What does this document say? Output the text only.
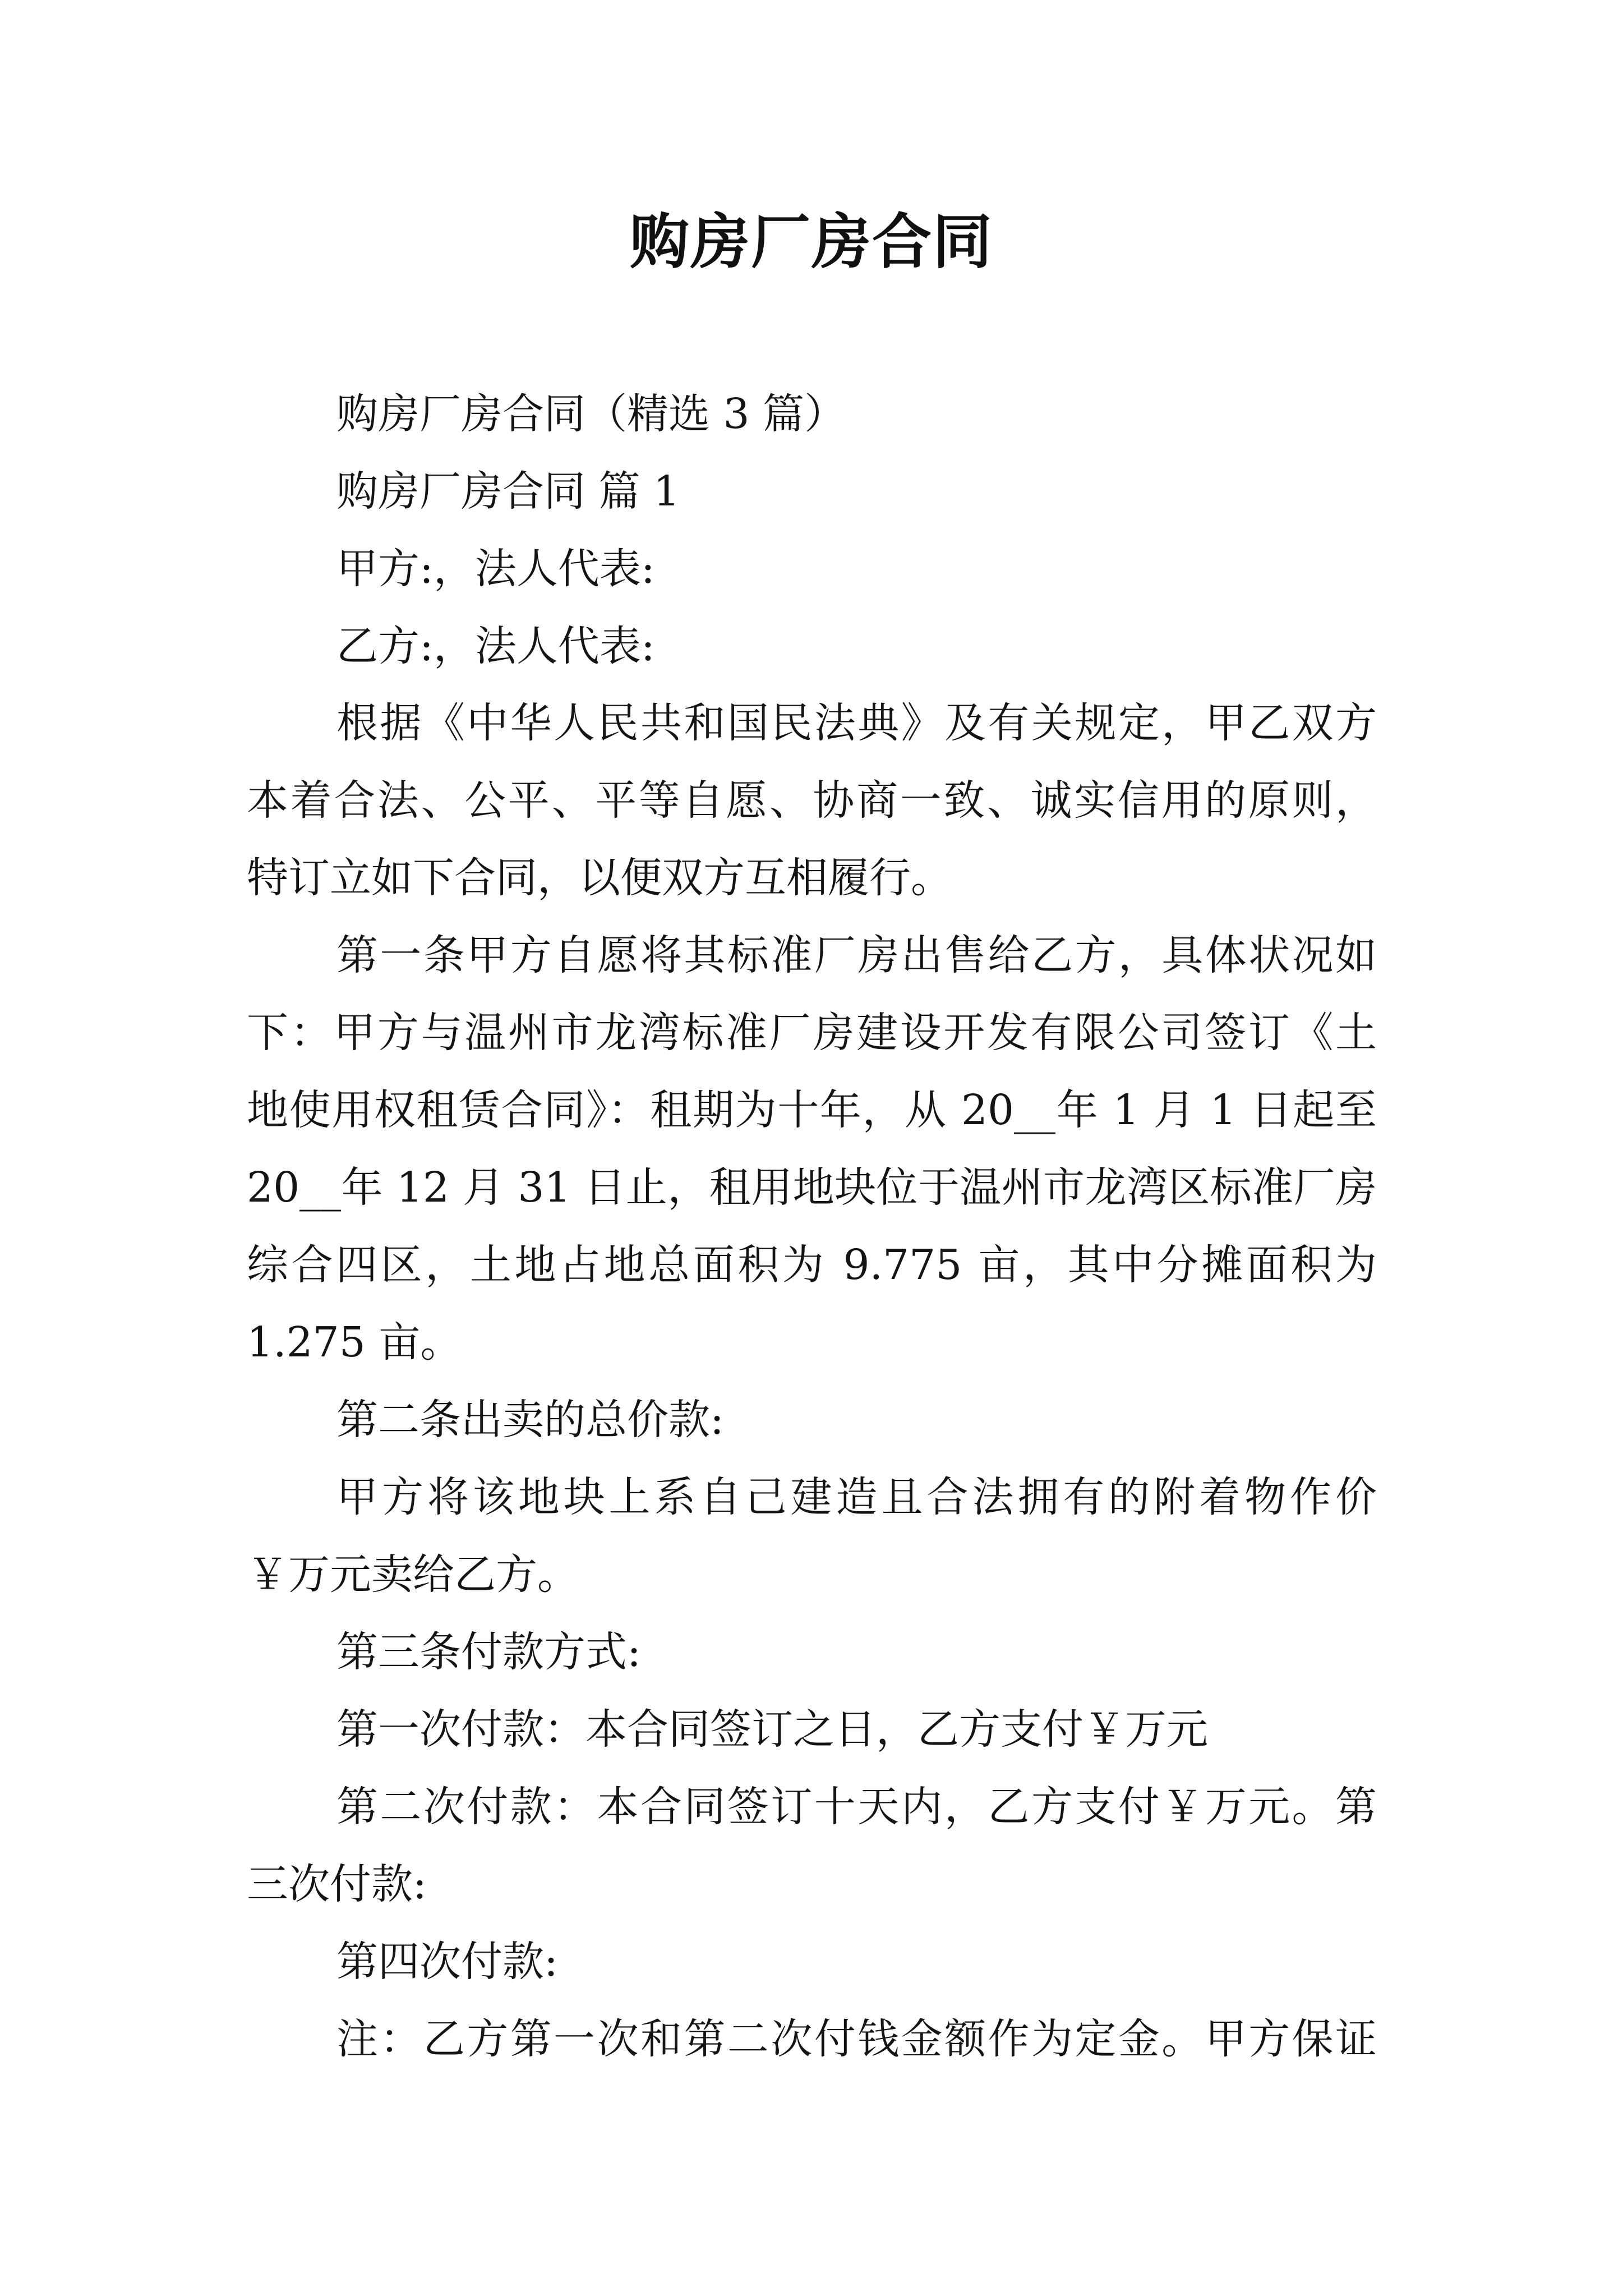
购房厂房合同
购房厂房合同（精选 3 篇）
购房厂房合同 篇 1
甲方:，法人代表:
乙方:，法人代表:
根据《中华人民共和国民法典》及有关规定，甲乙双方
本着合法、公平、平等自愿、协商一致、诚实信用的原则，
特订立如下合同，以便双方互相履行。
第一条甲方自愿将其标准厂房出售给乙方，具体状况如
下：甲方与温州市龙湾标准厂房建设开发有限公司签订《土
地使用权租赁合同》：租期为十年，从 20__年 1 月 1 日起至
20__年 12 月 31 日止，租用地块位于温州市龙湾区标准厂房
综合四区，土地占地总面积为 9.775 亩，其中分摊面积为
1.275 亩。
第二条出卖的总价款:
甲方将该地块上系自己建造且合法拥有的附着物作价
￥万元卖给乙方。
第三条付款方式:
第一次付款：本合同签订之日，乙方支付￥万元
第二次付款：本合同签订十天内，乙方支付￥万元。第
三次付款:
第四次付款:
注：乙方第一次和第二次付钱金额作为定金。甲方保证
